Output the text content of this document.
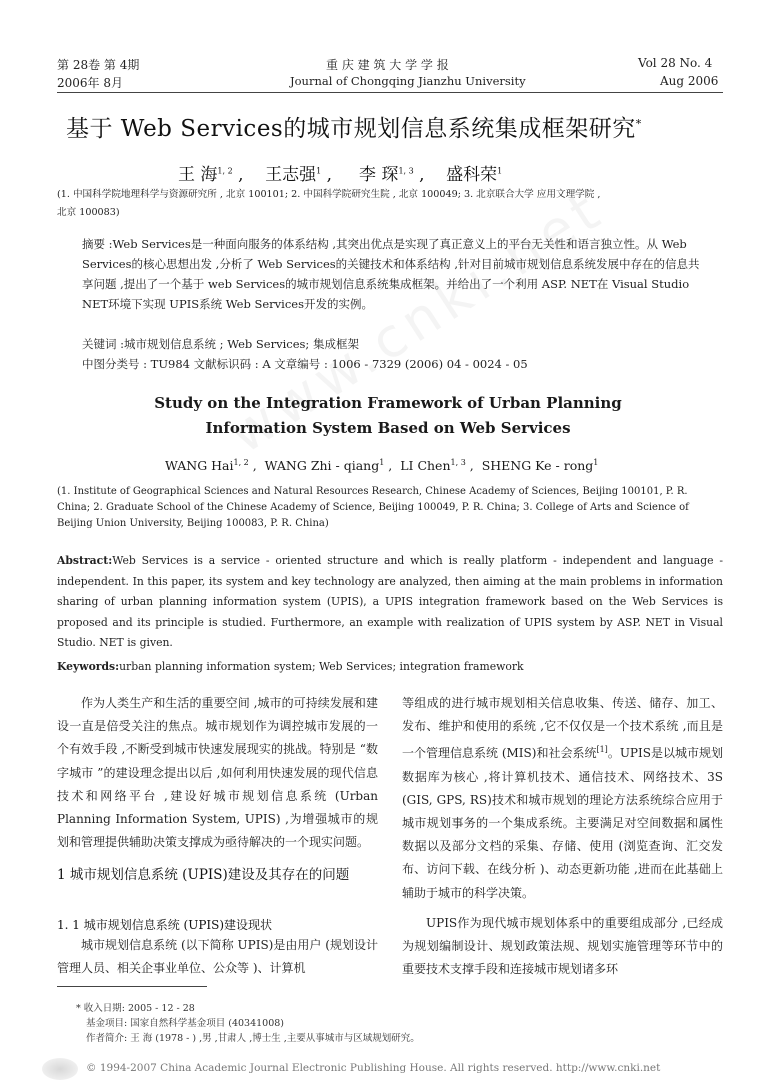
第 28卷 第 4期	重 庆 建 筑 大 学 学 报	Vol 28 No. 4
2006年 8月	Journal of Chongqing Jianzhu University	Aug 2006
基于 Web Services的城市规划信息系统集成框架研究*
王 海$^{1, 2}$ ,    王志强$^1$ ,     李 琛$^{1, 3}$ ,    盛科荣$^1$
(1. 中国科学院地理科学与资源研究所 , 北京 100101; 2. 中国科学院研究生院 , 北京 100049; 3. 北京联合大学 应用文理学院 ,
北京 100083)
摘要 :Web Services是一种面向服务的体系结构 ,其突出优点是实现了真正意义上的平台无关性和语言独立性。从 Web Services的核心思想出发 ,分析了 Web Services的关键技术和体系结构 ,针对目前城市规划信息系统发展中存在的信息共享问题 ,提出了一个基于 web Services的城市规划信息系统集成框架。并给出了一个利用 ASP. NET在 Visual Studio NET环境下实现 UPIS系统 Web Services开发的实例。
关键词 :城市规划信息系统 ; Web Services; 集成框架
中图分类号 : TU984 文献标识码 : A 文章编号 : 1006 - 7329 (2006) 04 - 0024 - 05
Study on the Integration Framework of Urban Planning
Information System Based on Web Services
WANG Hai$^{1, 2}$ ,  WANG Zhi - qiang$^1$ ,  LI Chen$^{1, 3}$ ,  SHENG Ke - rong$^1$
(1. Institute of Geographical Sciences and Natural Resources Research, Chinese Academy of Sciences, Beijing 100101, P. R. China; 2. Graduate School of the Chinese Academy of Science, Beijing 100049, P. R. China; 3. College of Arts and Science of Beijing Union University, Beijing 100083, P. R. China)
Abstract:Web Services is a service - oriented structure and which is really platform - independent and language - independent. In this paper, its system and key technology are analyzed, then aiming at the main problems in information sharing of urban planning information system (UPIS), a UPIS integration framework based on the Web Services is proposed and its principle is studied. Furthermore, an example with realization of UPIS system by ASP. NET in Visual Studio. NET is given.
Keywords:urban planning information system; Web Services; integration framework
作为人类生产和生活的重要空间 ,城市的可持续发展和建设一直是倍受关注的焦点。城市规划作为调控城市发展的一个有效手段 ,不断受到城市快速发展现实的挑战。特别是 “数字城市 ”的建设理念提出以后 ,如何利用快速发展的现代信息技术和网络平台 ,建设好城市规划信息系统 (Urban Planning Information System, UPIS) ,为增强城市的规划和管理提供辅助决策支撑成为亟待解决的一个现实问题。
1 城市规划信息系统 (UPIS)建设及其存在的问题
1. 1 城市规划信息系统 (UPIS)建设现状
城市规划信息系统 (以下简称 UPIS)是由用户 (规划设计管理人员、相关企事业单位、公众等 )、计算机
等组成的进行城市规划相关信息收集、传送、储存、加工、发布、维护和使用的系统 ,它不仅仅是一个技术系统 ,而且是一个管理信息系统 (MIS)和社会系统[1]。UPIS是以城市规划数据库为核心 ,将计算机技术、通信技术、网络技术、3S (GIS, GPS, RS)技术和城市规划的理论方法系统综合应用于城市规划事务的一个集成系统。主要满足对空间数据和属性数据以及部分文档的采集、存储、使用 (浏览查询、汇交发布、访问下载、在线分析 )、动态更新功能 ,进而在此基础上辅助于城市的科学决策。
UPIS作为现代城市规划体系中的重要组成部分 ,已经成为规划编制设计、规划政策法规、规划实施管理等环节中的重要技术支撑手段和连接城市规划诸多环
* 收入日期: 2005 - 12 - 28
基金项目: 国家自然科学基金项目 (40341008)
作者简介: 王 海 (1978 - ) ,男 ,甘肃人 ,博士生 ,主要从事城市与区域规划研究。
© 1994-2007 China Academic Journal Electronic Publishing House. All rights reserved. http://www.cnki.net
